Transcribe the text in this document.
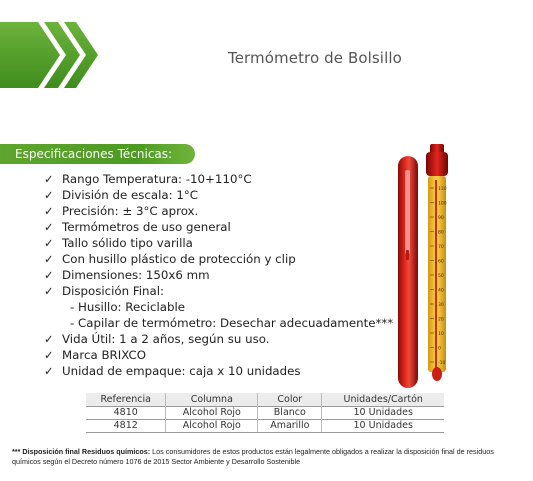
Termómetro de Bolsillo
Especificaciones Técnicas:
✓ Rango Temperatura: -10+110°C
✓ División de escala: 1°C
✓ Precisión: ± 3°C aprox.
✓ Termómetros de uso general
✓ Tallo sólido tipo varilla
✓ Con husillo plástico de protección y clip
✓ Dimensiones: 150x6 mm
✓ Disposición Final:
- Husillo: Reciclable
- Capilar de termómetro: Desechar adecuadamente***
✓ Vida Útil: 1 a 2 años, según su uso.
✓ Marca BRIXCO
✓ Unidad de empaque: caja x 10 unidades
110
100
90
80
70
60
50
40
30
20
10
0
-10
Referencia	Columna	Color	Unidades/Cartón
4810	Alcohol Rojo	Blanco	10 Unidades
4812	Alcohol Rojo	Amarillo	10 Unidades
*** Disposición final Residuos químicos: Los consumidores de estos productos están legalmente obligados a realizar la disposición final de residuos químicos según el Decreto número 1076 de 2015 Sector Ambiente y Desarrollo Sostenible
